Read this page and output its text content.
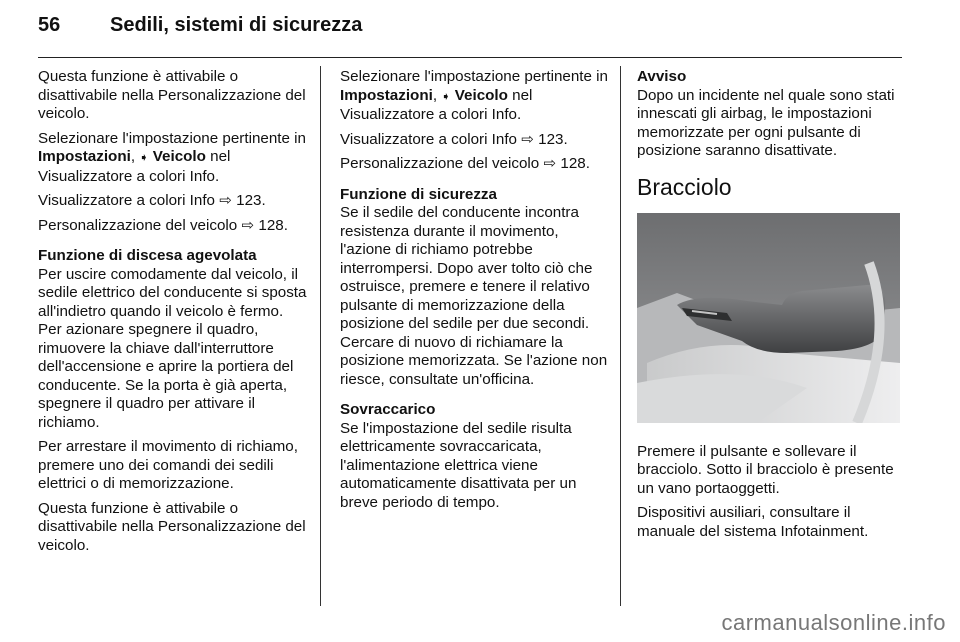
56 Sedili, sistemi di sicurezza

Questa funzione è attivabile o disattivabile nella Personalizzazione del veicolo.

Selezionare l'impostazione pertinente in Impostazioni, ➧ Veicolo nel Visualizzatore a colori Info.

Visualizzatore a colori Info ⇨ 123.

Personalizzazione del veicolo ⇨ 128.

Funzione di discesa agevolata
Per uscire comodamente dal veicolo, il sedile elettrico del conducente si sposta all'indietro quando il veicolo è fermo. Per azionare spegnere il quadro, rimuovere la chiave dall'interruttore dell'accensione e aprire la portiera del conducente. Se la porta è già aperta, spegnere il quadro per attivare il richiamo.

Per arrestare il movimento di richiamo, premere uno dei comandi dei sedili elettrici o di memorizzazione.

Questa funzione è attivabile o disattivabile nella Personalizzazione del veicolo.

Selezionare l'impostazione pertinente in Impostazioni, ➧ Veicolo nel Visualizzatore a colori Info.

Visualizzatore a colori Info ⇨ 123.

Personalizzazione del veicolo ⇨ 128.

Funzione di sicurezza
Se il sedile del conducente incontra resistenza durante il movimento, l'azione di richiamo potrebbe interrompersi. Dopo aver tolto ciò che ostruisce, premere e tenere il relativo pulsante di memorizzazione della posizione del sedile per due secondi. Cercare di nuovo di richiamare la posizione memorizzata. Se l'azione non riesce, consultate un'officina.

Sovraccarico
Se l'impostazione del sedile risulta elettricamente sovraccaricata, l'alimentazione elettrica viene automaticamente disattivata per un breve periodo di tempo.

Avviso
Dopo un incidente nel quale sono stati innescati gli airbag, le impostazioni memorizzate per ogni pulsante di posizione saranno disattivate.

Bracciolo

Premere il pulsante e sollevare il bracciolo. Sotto il bracciolo è presente un vano portaoggetti.

Dispositivi ausiliari, consultare il manuale del sistema Infotainment.

carmanualsonline.info
